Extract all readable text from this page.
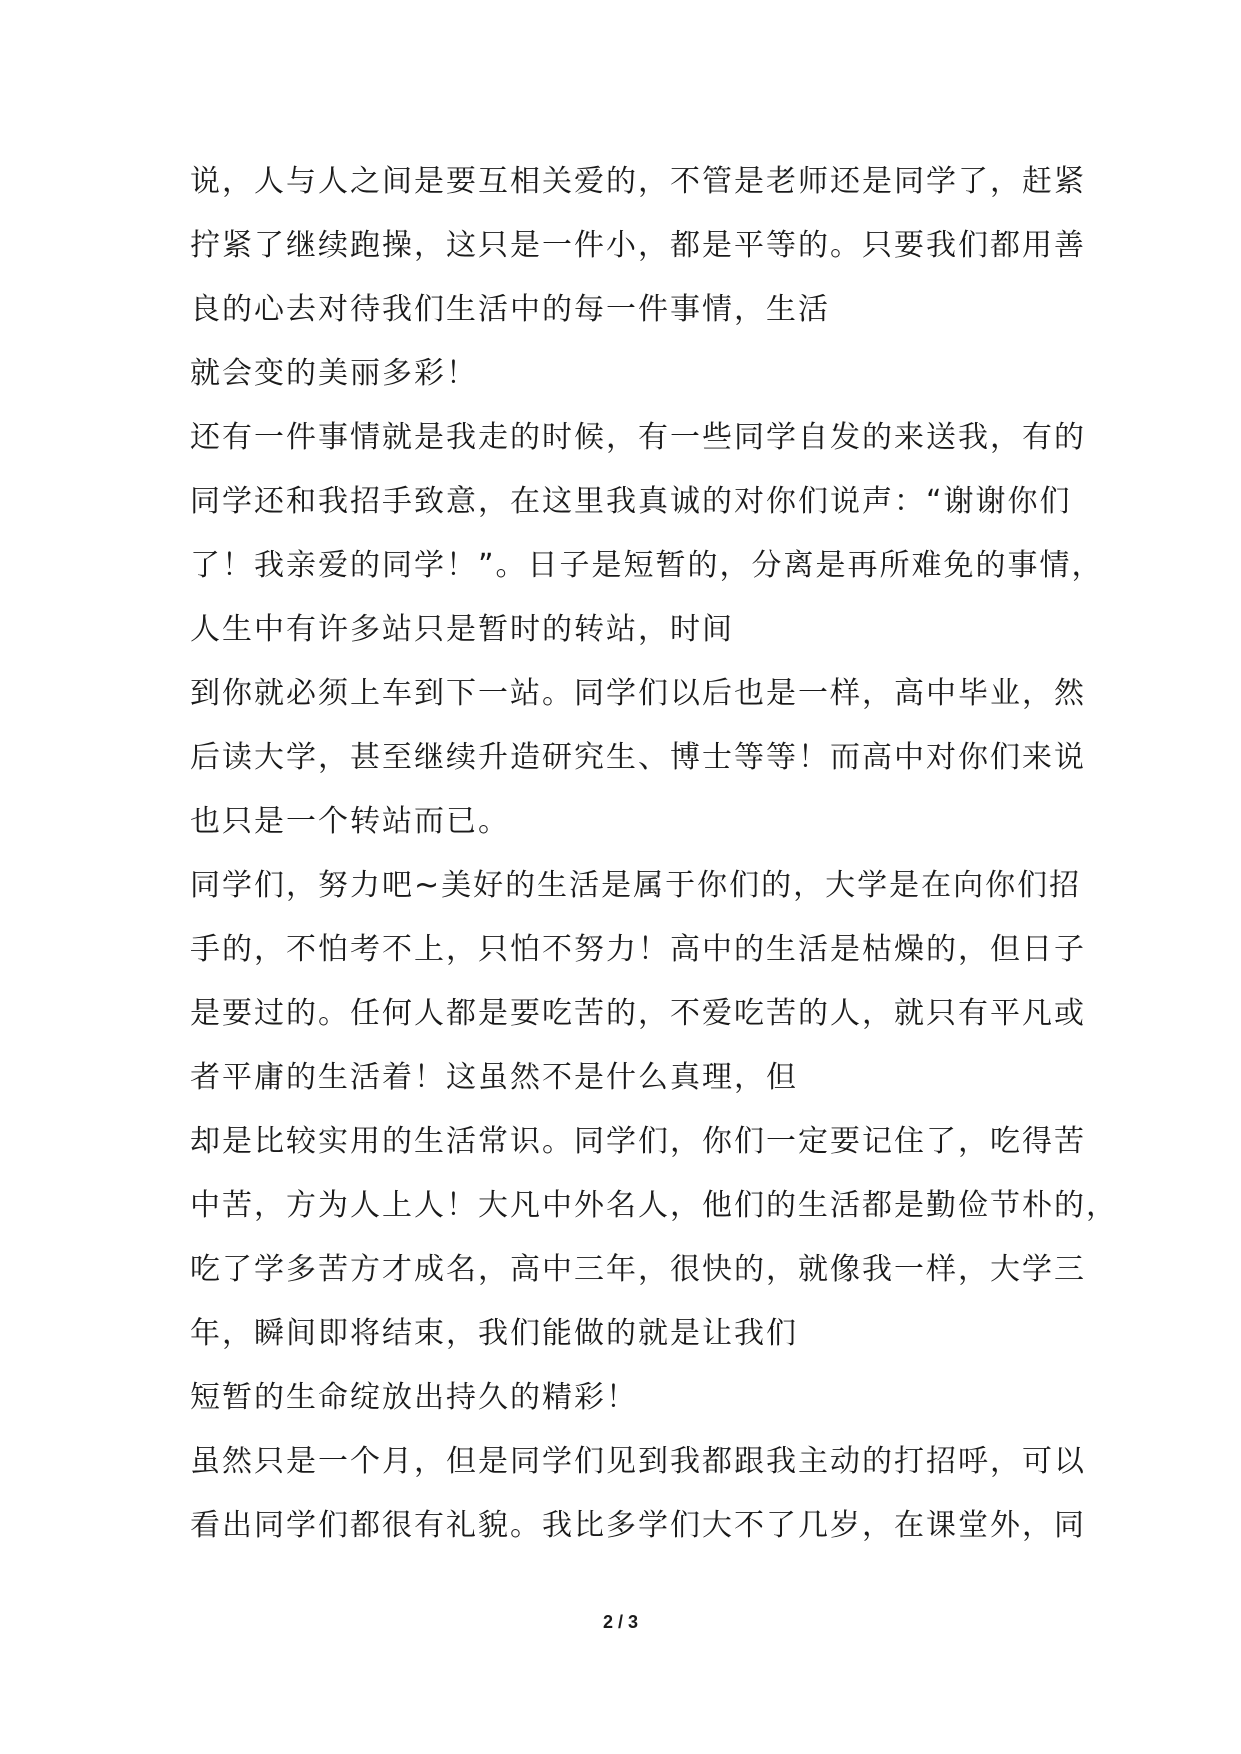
说，人与人之间是要互相关爱的，不管是老师还是同学了，赶紧
拧紧了继续跑操，这只是一件小，都是平等的。只要我们都用善
良的心去对待我们生活中的每一件事情，生活
就会变的美丽多彩！
还有一件事情就是我走的时候，有一些同学自发的来送我，有的
同学还和我招手致意，在这里我真诚的对你们说声：“谢谢你们
了！我亲爱的同学！”。日子是短暂的，分离是再所难免的事情，
人生中有许多站只是暂时的转站，时间
到你就必须上车到下一站。同学们以后也是一样，高中毕业，然
后读大学，甚至继续升造研究生、博士等等！而高中对你们来说
也只是一个转站而已。
同学们，努力吧~美好的生活是属于你们的，大学是在向你们招
手的，不怕考不上，只怕不努力！高中的生活是枯燥的，但日子
是要过的。任何人都是要吃苦的，不爱吃苦的人，就只有平凡或
者平庸的生活着！这虽然不是什么真理，但
却是比较实用的生活常识。同学们，你们一定要记住了，吃得苦
中苦，方为人上人！大凡中外名人，他们的生活都是勤俭节朴的，
吃了学多苦方才成名，高中三年，很快的，就像我一样，大学三
年，瞬间即将结束，我们能做的就是让我们
短暂的生命绽放出持久的精彩！
虽然只是一个月，但是同学们见到我都跟我主动的打招呼，可以
看出同学们都很有礼貌。我比多学们大不了几岁，在课堂外，同
2 / 3
